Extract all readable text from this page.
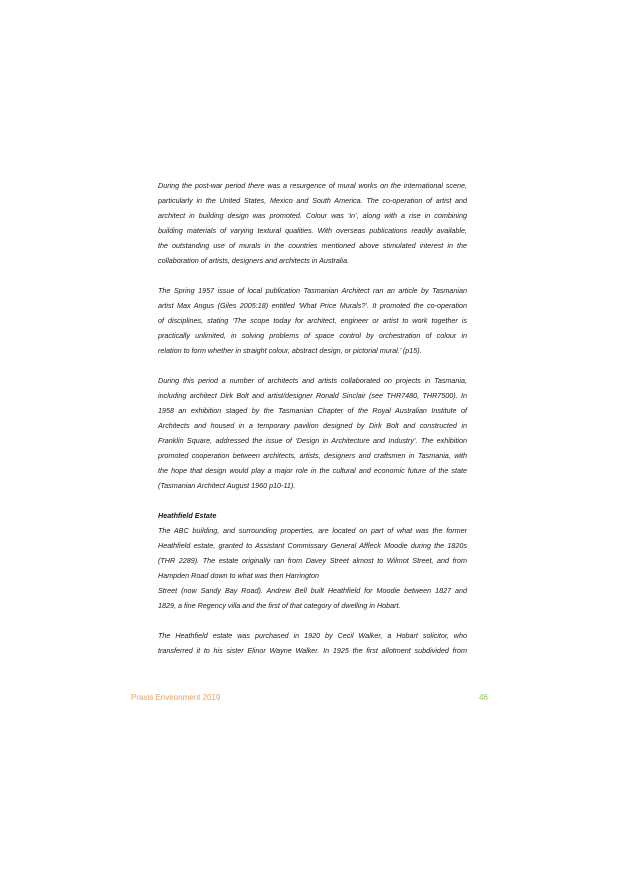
During the post-war period there was a resurgence of mural works on the international scene,
particularly in the United States, Mexico and South America. The co-operation of artist and
architect in building design was promoted. Colour was ‘in’, along with a rise in combining
building materials of varying textural qualities. With overseas publications readily available,
the outstanding use of murals in the countries mentioned above stimulated interest in the
collaboration of artists, designers and architects in Australia.

The Spring 1957 issue of local publication Tasmanian Architect ran an article by Tasmanian
artist Max Angus (Giles 2005:18) entitled ‘What Price Murals?’. It promoted the co-operation
of disciplines, stating ‘The scope today for architect, engineer or artist to work together is
practically unlimited, in solving problems of space control by orchestration of colour in
relation to form whether in straight colour, abstract design, or pictorial mural.’ (p15).

During this period a number of architects and artists collaborated on projects in Tasmania,
including architect Dirk Bolt and artist/designer Ronald Sinclair (see THR7480, THR7500). In
1958 an exhibition staged by the Tasmanian Chapter of the Royal Australian Institute of
Architects and housed in a temporary pavilion designed by Dirk Bolt and constructed in
Franklin Square, addressed the issue of ‘Design in Architecture and Industry’. The exhibition
promoted cooperation between architects, artists, designers and craftsmen in Tasmania, with
the hope that design would play a major role in the cultural and economic future of the state
(Tasmanian Architect August 1960 p10-11).

Heathfield Estate

The ABC building, and surrounding properties, are located on part of what was the former
Heathfield estate, granted to Assistant Commissary General Affleck Moodie during the 1820s
(THR 2289). The estate originally ran from Davey Street almost to Wilmot Street, and from
Hampden Road down to what was then Harrington
Street (now Sandy Bay Road). Andrew Bell built Heathfield for Moodie between 1827 and
1829, a fine Regency villa and the first of that category of dwelling in Hobart.

The Heathfield estate was purchased in 1920 by Cecil Walker, a Hobart solicitor, who
transferred it to his sister Elinor Wayne Walker. In 1925 the first allotment subdivided from

Praxis Environment 2019	46
